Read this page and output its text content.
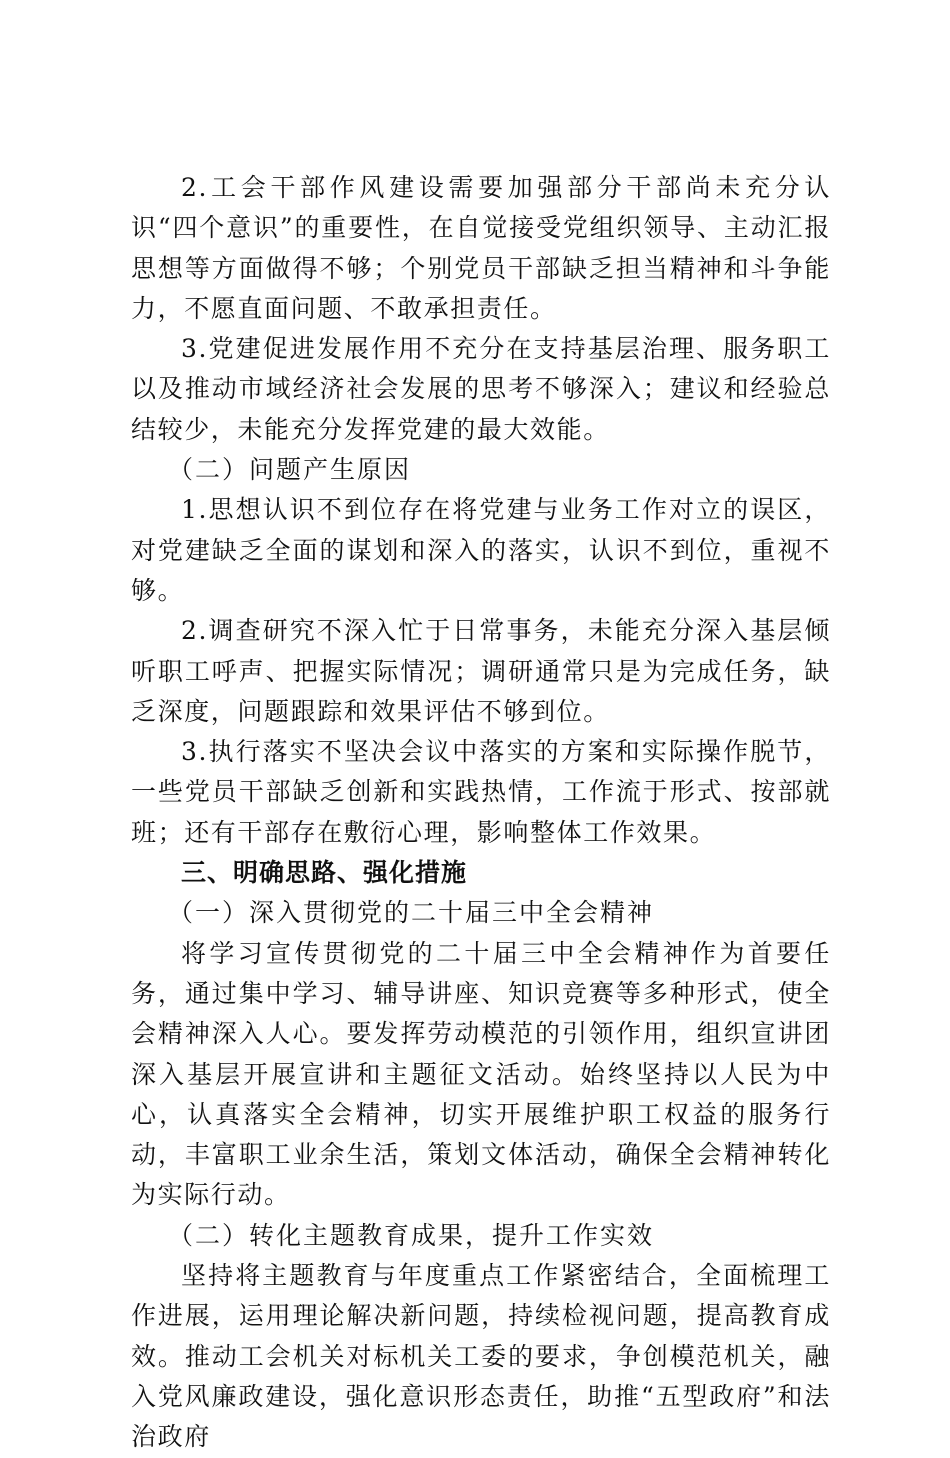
2.工会干部作风建设需要加强部分干部尚未充分认识“四个意识”的重要性，在自觉接受党组织领导、主动汇报思想等方面做得不够；个别党员干部缺乏担当精神和斗争能力，不愿直面问题、不敢承担责任。

3.党建促进发展作用不充分在支持基层治理、服务职工以及推动市域经济社会发展的思考不够深入；建议和经验总结较少，未能充分发挥党建的最大效能。

（二）问题产生原因

1.思想认识不到位存在将党建与业务工作对立的误区，对党建缺乏全面的谋划和深入的落实，认识不到位，重视不够。

2.调查研究不深入忙于日常事务，未能充分深入基层倾听职工呼声、把握实际情况；调研通常只是为完成任务，缺乏深度，问题跟踪和效果评估不够到位。

3.执行落实不坚决会议中落实的方案和实际操作脱节，一些党员干部缺乏创新和实践热情，工作流于形式、按部就班；还有干部存在敷衍心理，影响整体工作效果。

三、明确思路、强化措施

（一）深入贯彻党的二十届三中全会精神

将学习宣传贯彻党的二十届三中全会精神作为首要任务，通过集中学习、辅导讲座、知识竞赛等多种形式，使全会精神深入人心。要发挥劳动模范的引领作用，组织宣讲团深入基层开展宣讲和主题征文活动。始终坚持以人民为中心，认真落实全会精神，切实开展维护职工权益的服务行动，丰富职工业余生活，策划文体活动，确保全会精神转化为实际行动。

（二）转化主题教育成果，提升工作实效

坚持将主题教育与年度重点工作紧密结合，全面梳理工作进展，运用理论解决新问题，持续检视问题，提高教育成效。推动工会机关对标机关工委的要求，争创模范机关，融入党风廉政建设，强化意识形态责任，助推“五型政府”和法治政府
